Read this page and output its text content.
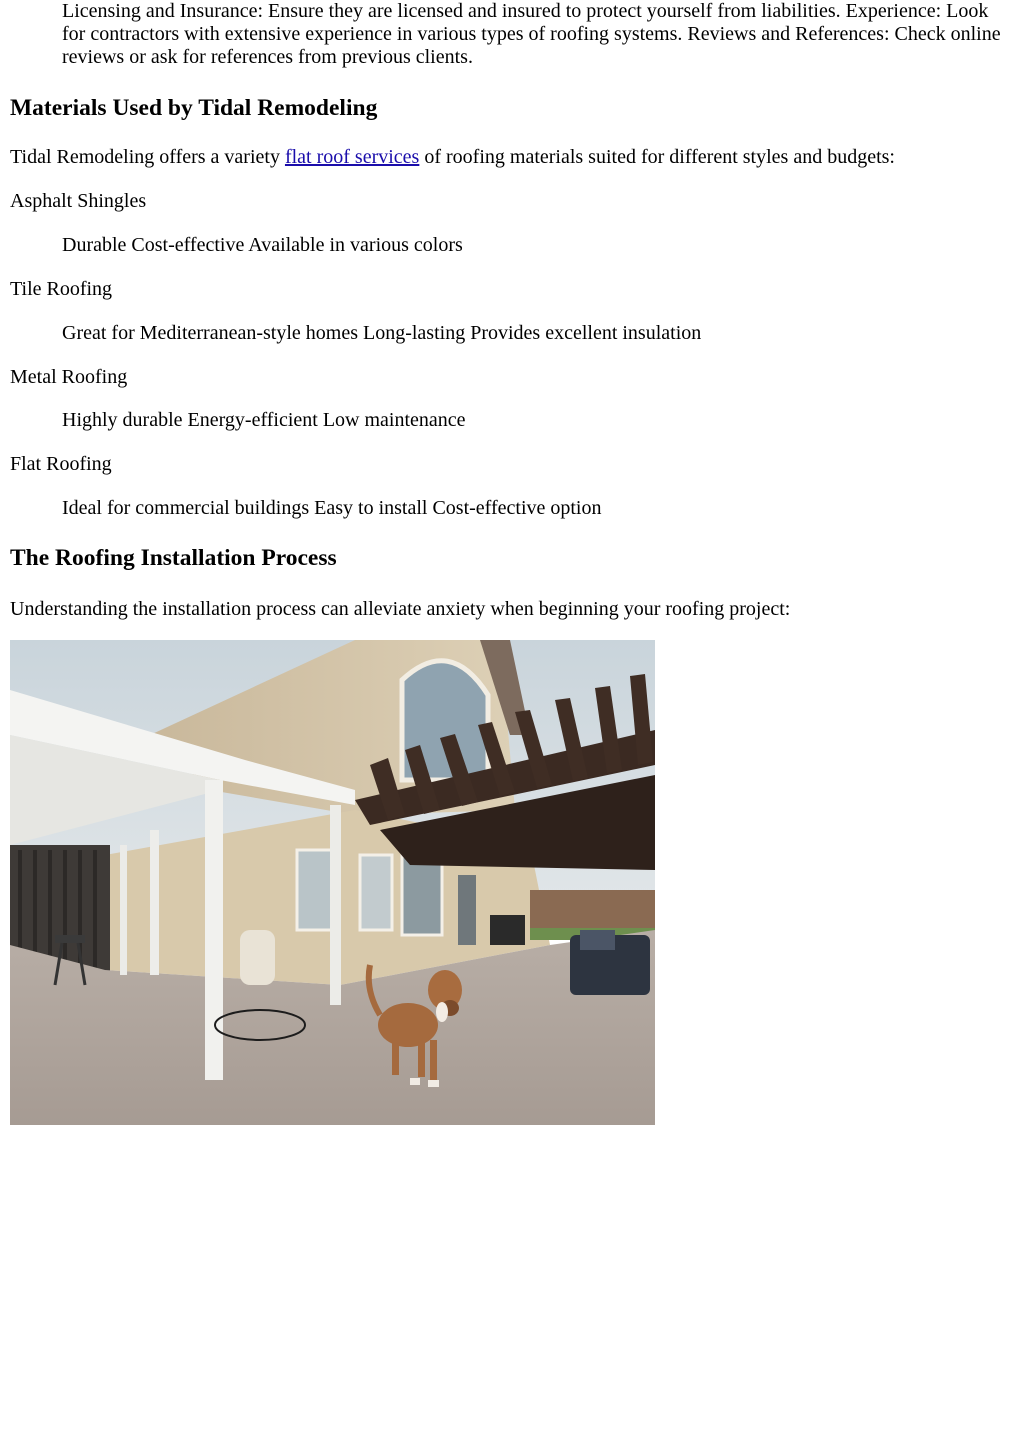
Licensing and Insurance: Ensure they are licensed and insured to protect yourself from liabilities. Experience: Look for contractors with extensive experience in various types of roofing systems. Reviews and References: Check online reviews or ask for references from previous clients.

Materials Used by Tidal Remodeling

Tidal Remodeling offers a variety flat roof services of roofing materials suited for different styles and budgets:

Asphalt Shingles

Durable Cost-effective Available in various colors

Tile Roofing

Great for Mediterranean-style homes Long-lasting Provides excellent insulation

Metal Roofing

Highly durable Energy-efficient Low maintenance

Flat Roofing

Ideal for commercial buildings Easy to install Cost-effective option

The Roofing Installation Process

Understanding the installation process can alleviate anxiety when beginning your roofing project:
